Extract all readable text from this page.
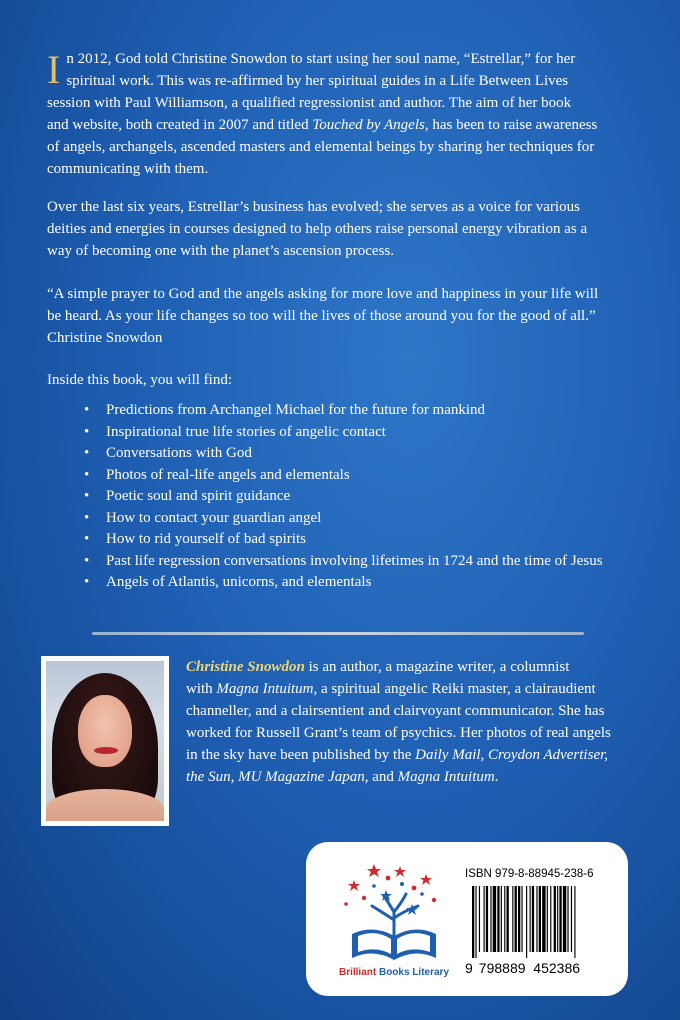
In 2012, God told Christine Snowdon to start using her soul name, “Estrellar,” for her
spiritual work. This was re-affirmed by her spiritual guides in a Life Between Lives
session with Paul Williamson, a qualified regressionist and author. The aim of her book
and website, both created in 2007 and titled Touched by Angels, has been to raise awareness
of angels, archangels, ascended masters and elemental beings by sharing her techniques for
communicating with them.

Over the last six years, Estrellar’s business has evolved; she serves as a voice for various
deities and energies in courses designed to help others raise personal energy vibration as a
way of becoming one with the planet’s ascension process.

“A simple prayer to God and the angels asking for more love and happiness in your life will
be heard. As your life changes so too will the lives of those around you for the good of all.”
Christine Snowdon

Inside this book, you will find:

• Predictions from Archangel Michael for the future for mankind
• Inspirational true life stories of angelic contact
• Conversations with God
• Photos of real-life angels and elementals
• Poetic soul and spirit guidance
• How to contact your guardian angel
• How to rid yourself of bad spirits
• Past life regression conversations involving lifetimes in 1724 and the time of Jesus
• Angels of Atlantis, unicorns, and elementals

Christine Snowdon is an author, a magazine writer, a columnist
with Magna Intuitum, a spiritual angelic Reiki master, a clairaudient
channeller, and a clairsentient and clairvoyant communicator. She has
worked for Russell Grant’s team of psychics. Her photos of real angels
in the sky have been published by the Daily Mail, Croydon Advertiser,
the Sun, MU Magazine Japan, and Magna Intuitum.

Brilliant Books Literary
ISBN 979-8-88945-238-6
9 798889 452386
